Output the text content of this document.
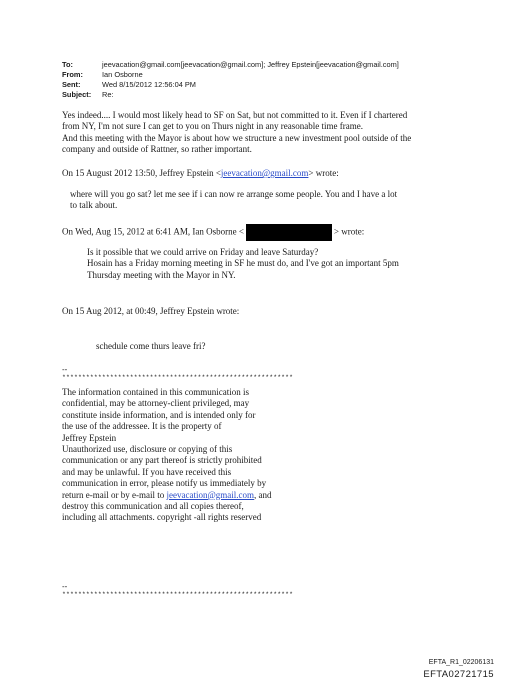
To:	jeevacation@gmail.com[jeevacation@gmail.com]; Jeffrey Epstein[jeevacation@gmail.com]
From:	Ian Osborne
Sent:	Wed 8/15/2012 12:56:04 PM
Subject:	Re:
Yes indeed.... I would most likely head to SF on Sat, but not committed to it. Even if I chartered
from NY, I'm not sure I can get to you on Thurs night in any reasonable time frame.
And this meeting with the Mayor is about how we structure a new investment pool outside of the
company and outside of Rattner, so rather important.
On 15 August 2012 13:50, Jeffrey Epstein <jeevacation@gmail.com> wrote:
where will you go sat? let me see if i can now re arrange some people. You and I have a lot
to talk about.
On Wed, Aug 15, 2012 at 6:41 AM, Ian Osborne <	> wrote:
Is it possible that we could arrive on Friday and leave Saturday?
Hosain has a Friday morning meeting in SF he must do, and I've got an important 5pm
Thursday meeting with the Mayor in NY.
On 15 Aug 2012, at 00:49, Jeffrey Epstein wrote:
schedule come thurs leave fri?
--
**********************************************************
The information contained in this communication is
confidential, may be attorney-client privileged, may
constitute inside information, and is intended only for
the use of the addressee. It is the property of
Jeffrey Epstein
Unauthorized use, disclosure or copying of this
communication or any part thereof is strictly prohibited
and may be unlawful. If you have received this
communication in error, please notify us immediately by
return e-mail or by e-mail to jeevacation@gmail.com, and
destroy this communication and all copies thereof,
including all attachments. copyright -all rights reserved
--
**********************************************************
EFTA_R1_02206131
EFTA02721715
